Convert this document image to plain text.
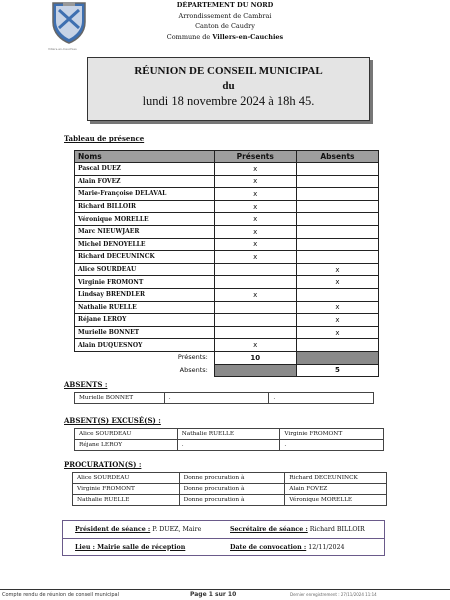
Villers-en-Cauchies
DÉPARTEMENT DU NORD
Arrondissement de Cambrai
Canton de Caudry
Commune de Villers-en-Cauchies
RÉUNION DE CONSEIL MUNICIPAL
du
lundi 18 novembre 2024 à 18h 45.
Tableau de présence
Noms	Présents	Absents
Pascal DUEZ	x	
Alain FOVEZ	x	
Marie-Françoise DELAVAL	x	
Richard BILLOIR	x	
Véronique MORELLE	x	
Marc NIEUWJAER	x	
Michel DENOYELLE	x	
Richard DECEUNINCK	x	
Alice SOURDEAU		x
Virginie FROMONT		x
Lindsay BRENDLER	x	
Nathalie RUELLE		x
Réjane LEROY		x
Murielle BONNET		x
Alain DUQUESNOY	x	

	Présents: 10	

	Absents:	5
ABSENTS :
Murielle BONNET	.	.
ABSENT(S) EXCUSÉ(S) :
Alice SOURDEAU	Nathalie RUELLE	Virginie FROMONT
Réjane LEROY	.	.
PROCURATION(S) :
Alice SOURDEAU	Donne procuration à	Richard DECEUNINCK
Virginie FROMONT	Donne procuration à	Alain FOVEZ
Nathalie RUELLE	Donne procuration à	Véronique MORELLE
Président de séance : P. DUEZ, Maire	Secrétaire de séance : Richard BILLOIR
Lieu : Mairie salle de réception	Date de convocation : 12/11/2024
Compte rendu de réunion de conseil municipal	Page 1 sur 10	Dernier enregistrement : 27/11/2024 11:14
